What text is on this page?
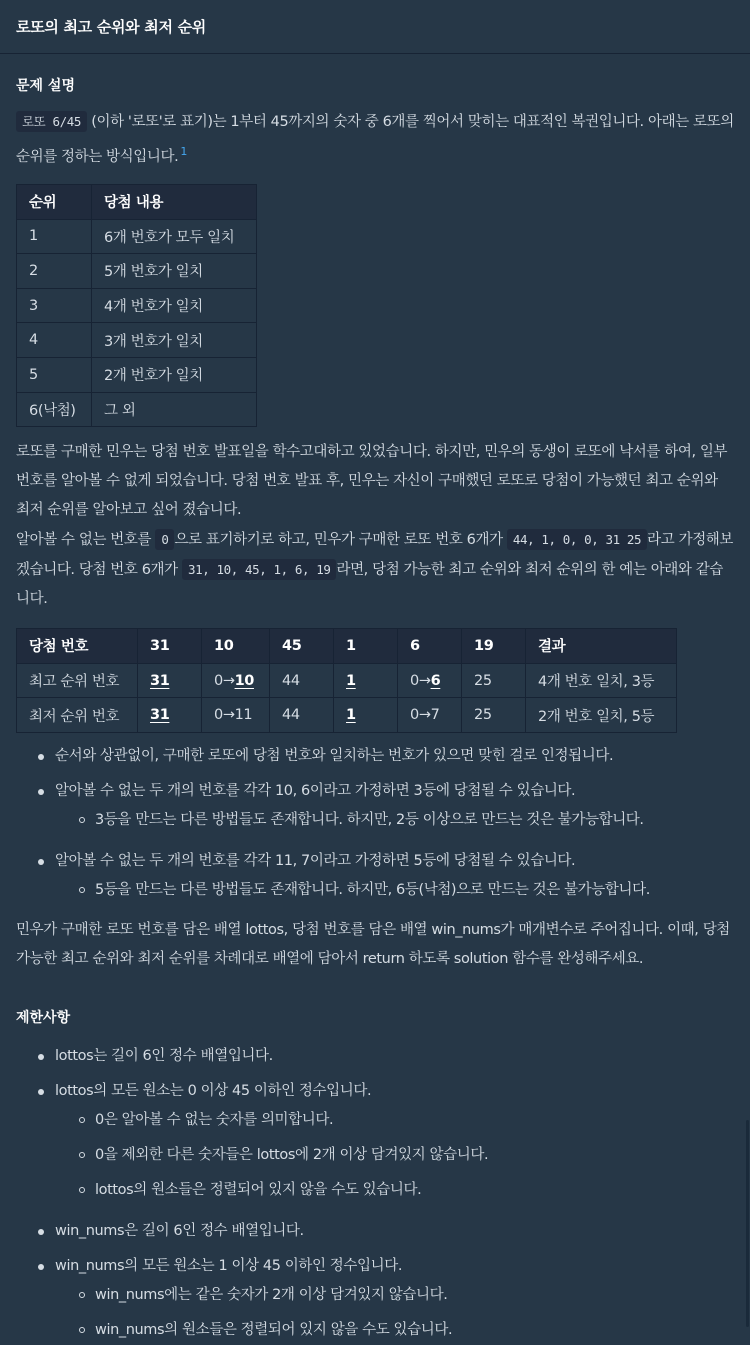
로또의 최고 순위와 최저 순위
문제 설명

로또 6/45 (이하 '로또'로 표기)는 1부터 45까지의 숫자 중 6개를 찍어서 맞히는 대표적인 복권입니다. 아래는 로또의 순위를 정하는 방식입니다. $^1$

순위	당첨 내용
1	6개 번호가 모두 일치
2	5개 번호가 일치
3	4개 번호가 일치
4	3개 번호가 일치
5	2개 번호가 일치
6(낙첨)	그 외

로또를 구매한 민우는 당첨 번호 발표일을 학수고대하고 있었습니다. 하지만, 민우의 동생이 로또에 낙서를 하여, 일부 번호를 알아볼 수 없게 되었습니다. 당첨 번호 발표 후, 민우는 자신이 구매했던 로또로 당첨이 가능했던 최고 순위와 최저 순위를 알아보고 싶어 졌습니다.

알아볼 수 없는 번호를 0 으로 표기하기로 하고, 민우가 구매한 로또 번호 6개가 44, 1, 0, 0, 31 25 라고 가정해보겠습니다. 당첨 번호 6개가 31, 10, 45, 1, 6, 19 라면, 당첨 가능한 최고 순위와 최저 순위의 한 예는 아래와 같습니다.

당첨 번호	31	10	45	1	6	19	결과
최고 순위 번호	31	0→10	44	1	0→6	25	4개 번호 일치, 3등
최저 순위 번호	31	0→11	44	1	0→7	25	2개 번호 일치, 5등
순서와 상관없이, 구매한 로또에 당첨 번호와 일치하는 번호가 있으면 맞힌 걸로 인정됩니다.
알아볼 수 없는 두 개의 번호를 각각 10, 6이라고 가정하면 3등에 당첨될 수 있습니다.
3등을 만드는 다른 방법들도 존재합니다. 하지만, 2등 이상으로 만드는 것은 불가능합니다.
알아볼 수 없는 두 개의 번호를 각각 11, 7이라고 가정하면 5등에 당첨될 수 있습니다.
5등을 만드는 다른 방법들도 존재합니다. 하지만, 6등(낙첨)으로 만드는 것은 불가능합니다.

민우가 구매한 로또 번호를 담은 배열 lottos, 당첨 번호를 담은 배열 win_nums가 매개변수로 주어집니다. 이때, 당첨 가능한 최고 순위와 최저 순위를 차례대로 배열에 담아서 return 하도록 solution 함수를 완성해주세요.

제한사항
lottos는 길이 6인 정수 배열입니다.
lottos의 모든 원소는 0 이상 45 이하인 정수입니다.
0은 알아볼 수 없는 숫자를 의미합니다.
0을 제외한 다른 숫자들은 lottos에 2개 이상 담겨있지 않습니다.
lottos의 원소들은 정렬되어 있지 않을 수도 있습니다.
win_nums은 길이 6인 정수 배열입니다.
win_nums의 모든 원소는 1 이상 45 이하인 정수입니다.
win_nums에는 같은 숫자가 2개 이상 담겨있지 않습니다.
win_nums의 원소들은 정렬되어 있지 않을 수도 있습니다.
